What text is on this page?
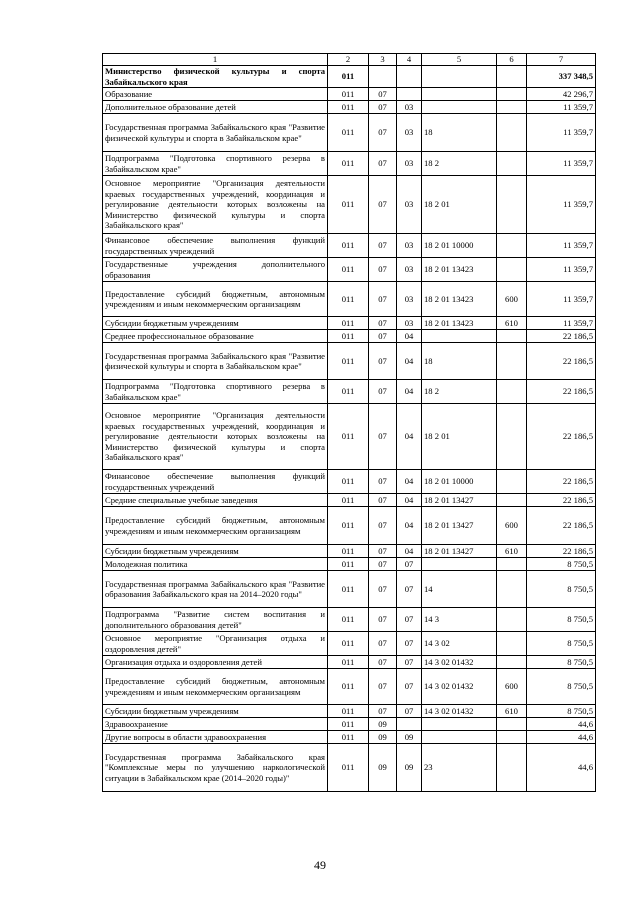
1	2	3	4	5	6	7
Министерство физической культуры и спорта Забайкальского края	011					337 348,5
Образование	011	07				42 296,7
Дополнительное образование детей	011	07	03			11 359,7
Государственная программа Забайкальского края "Развитие физической культуры и спорта в Забайкальском крае"	011	07	03	18		11 359,7
Подпрограмма "Подготовка спортивного резерва в Забайкальском крае"	011	07	03	18 2		11 359,7
Основное мероприятие "Организация деятельности краевых государственных учреждений, координация и регулирование деятельности которых возложены на Министерство физической культуры и спорта Забайкальского края"	011	07	03	18 2 01		11 359,7
Финансовое обеспечение выполнения функций государственных учреждений	011	07	03	18 2 01 10000		11 359,7
Государственные учреждения дополнительного образования	011	07	03	18 2 01 13423		11 359,7
Предоставление субсидий бюджетным, автономным учреждениям и иным некоммерческим организациям	011	07	03	18 2 01 13423	600	11 359,7
Субсидии бюджетным учреждениям	011	07	03	18 2 01 13423	610	11 359,7
Среднее профессиональное образование	011	07	04			22 186,5
Государственная программа Забайкальского края "Развитие физической культуры и спорта в Забайкальском крае"	011	07	04	18		22 186,5
Подпрограмма "Подготовка спортивного резерва в Забайкальском крае"	011	07	04	18 2		22 186,5
Основное мероприятие "Организация деятельности краевых государственных учреждений, координация и регулирование деятельности которых возложены на Министерство физической культуры и спорта Забайкальского края"	011	07	04	18 2 01		22 186,5
Финансовое обеспечение выполнения функций государственных учреждений	011	07	04	18 2 01 10000		22 186,5
Средние специальные учебные заведения	011	07	04	18 2 01 13427		22 186,5
Предоставление субсидий бюджетным, автономным учреждениям и иным некоммерческим организациям	011	07	04	18 2 01 13427	600	22 186,5
Субсидии бюджетным учреждениям	011	07	04	18 2 01 13427	610	22 186,5
Молодежная политика	011	07	07			8 750,5
Государственная программа Забайкальского края "Развитие образования Забайкальского края на 2014–2020 годы"	011	07	07	14		8 750,5
Подпрограмма "Развитие систем воспитания и дополнительного образования детей"	011	07	07	14 3		8 750,5
Основное мероприятие "Организация отдыха и оздоровления детей"	011	07	07	14 3 02		8 750,5
Организация отдыха и оздоровления детей	011	07	07	14 3 02 01432		8 750,5
Предоставление субсидий бюджетным, автономным учреждениям и иным некоммерческим организациям	011	07	07	14 3 02 01432	600	8 750,5
Субсидии бюджетным учреждениям	011	07	07	14 3 02 01432	610	8 750,5
Здравоохранение	011	09				44,6
Другие вопросы в области здравоохранения	011	09	09			44,6
Государственная программа Забайкальского края "Комплексные меры по улучшению наркологической ситуации в Забайкальском крае (2014–2020 годы)"	011	09	09	23		44,6
49
